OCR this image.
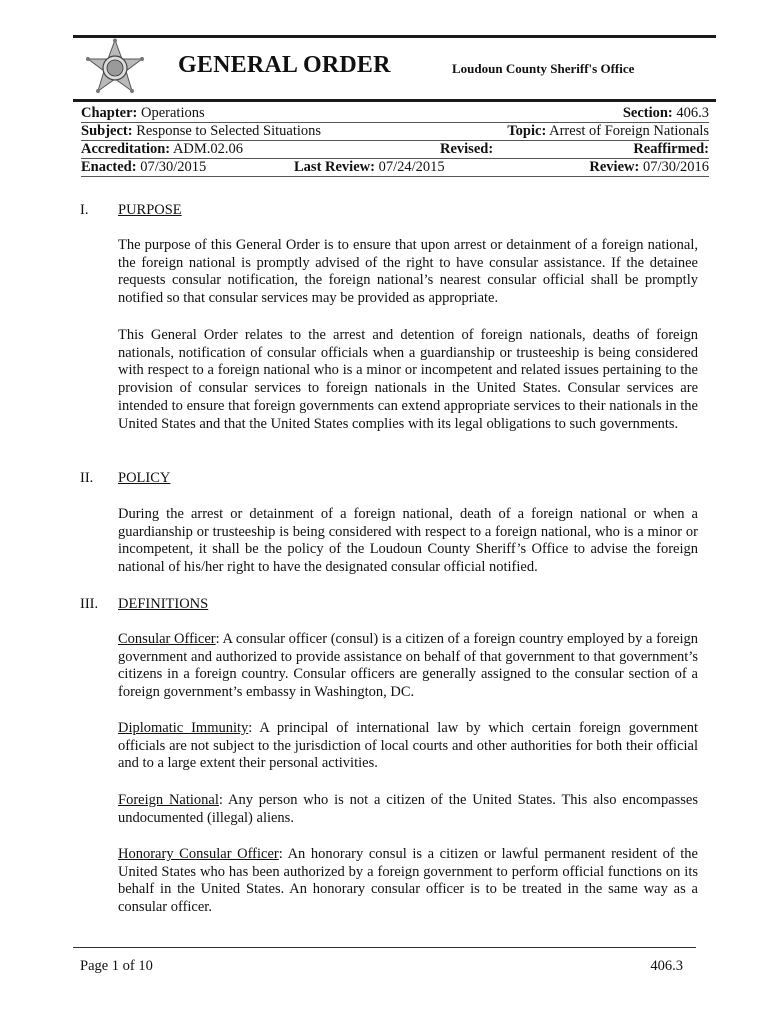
GENERAL ORDER	Loudoun County Sheriff's Office
Chapter: Operations	Section: 406.3
Subject: Response to Selected Situations	Topic: Arrest of Foreign Nationals
Accreditation: ADM.02.06	Revised:	Reaffirmed:
Enacted: 07/30/2015	Last Review: 07/24/2015	Review: 07/30/2016
I. PURPOSE

The purpose of this General Order is to ensure that upon arrest or detainment of a foreign national, the foreign national is promptly advised of the right to have consular assistance. If the detainee requests consular notification, the foreign national’s nearest consular official shall be promptly notified so that consular services may be provided as appropriate.

This General Order relates to the arrest and detention of foreign nationals, deaths of foreign nationals, notification of consular officials when a guardianship or trusteeship is being considered with respect to a foreign national who is a minor or incompetent and related issues pertaining to the provision of consular services to foreign nationals in the United States. Consular services are intended to ensure that foreign governments can extend appropriate services to their nationals in the United States and that the United States complies with its legal obligations to such governments.

II. POLICY

During the arrest or detainment of a foreign national, death of a foreign national or when a guardianship or trusteeship is being considered with respect to a foreign national, who is a minor or incompetent, it shall be the policy of the Loudoun County Sheriff’s Office to advise the foreign national of his/her right to have the designated consular official notified.

III. DEFINITIONS

Consular Officer: A consular officer (consul) is a citizen of a foreign country employed by a foreign government and authorized to provide assistance on behalf of that government to that government’s citizens in a foreign country. Consular officers are generally assigned to the consular section of a foreign government’s embassy in Washington, DC.

Diplomatic Immunity: A principal of international law by which certain foreign government officials are not subject to the jurisdiction of local courts and other authorities for both their official and to a large extent their personal activities.

Foreign National: Any person who is not a citizen of the United States. This also encompasses undocumented (illegal) aliens.

Honorary Consular Officer: An honorary consul is a citizen or lawful permanent resident of the United States who has been authorized by a foreign government to perform official functions on its behalf in the United States. An honorary consular officer is to be treated in the same way as a consular officer.

Page 1 of 10	406.3
